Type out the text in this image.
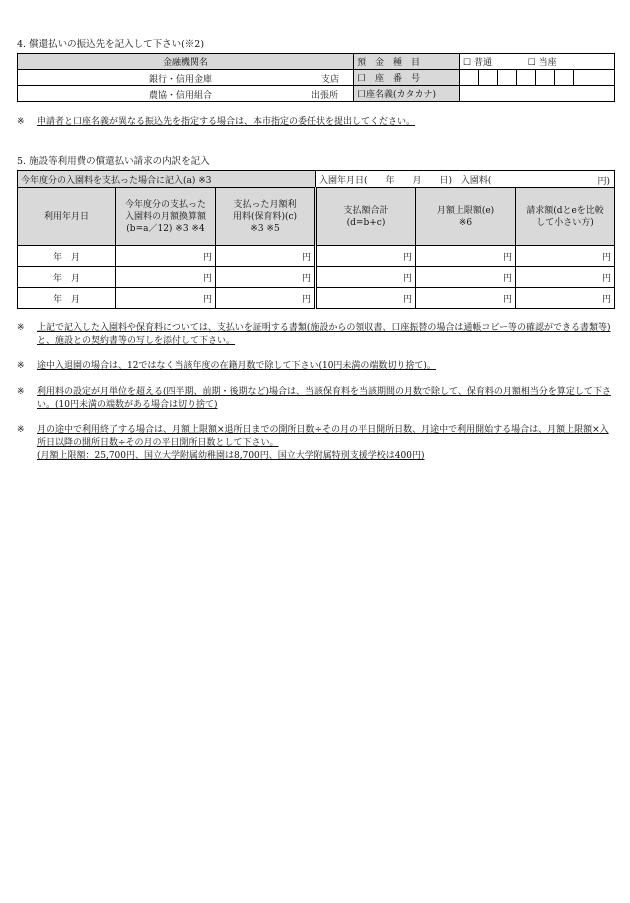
4. 償還払いの振込先を記入して下さい(※2)
金融機関名	預　金　種　目	☐ 普通 ☐ 当座						

銀行・信用金庫 支店	口　座　番　号							

農協・信用組合 出張所	口座名義(カタカナ)							
※ 申請者と口座名義が異なる振込先を指定する場合は、本市指定の委任状を提出してください。
5. 施設等利用費の償還払い請求の内訳を記入
今年度分の入園料を支払った場合に記入(a) ※3			入園年月日(　　年　　月　　日) 入園料( 円)		

利用年月日	今年度分の支払った入園料の月額換算額(b=a／12) ※3 ※4	支払った月額利用料(保育料)(c) ※3 ※5	支払額合計(d=b+c)	月額上限額(e) ※6	請求額(dとeを比較して小さい方)
年　月	円	円	円	円	円
年　月	円	円	円	円	円
年　月	円	円	円	円	円
※ 上記で記入した入園料や保育料については、支払いを証明する書類(施設からの領収書、口座振替の場合は通帳コピー等の確認ができる書類等)と、施設との契約書等の写しを添付して下さい。
※ 途中入退園の場合は、12ではなく当該年度の在籍月数で除して下さい(10円未満の端数切り捨て)。
※ 利用料の設定が月単位を超える(四半期、前期・後期など)場合は、当該保育料を当該期間の月数で除して、保育料の月額相当分を算定して下さい。(10円未満の端数がある場合は切り捨て)
※ 月の途中で利用終了する場合は、月額上限額×退所日までの開所日数÷その月の平日開所日数、月途中で利用開始する場合は、月額上限額×入所日以降の開所日数÷その月の平日開所日数として下さい。
(月額上限額：25,700円、国立大学附属幼稚園は8,700円、国立大学附属特別支援学校は400円)
